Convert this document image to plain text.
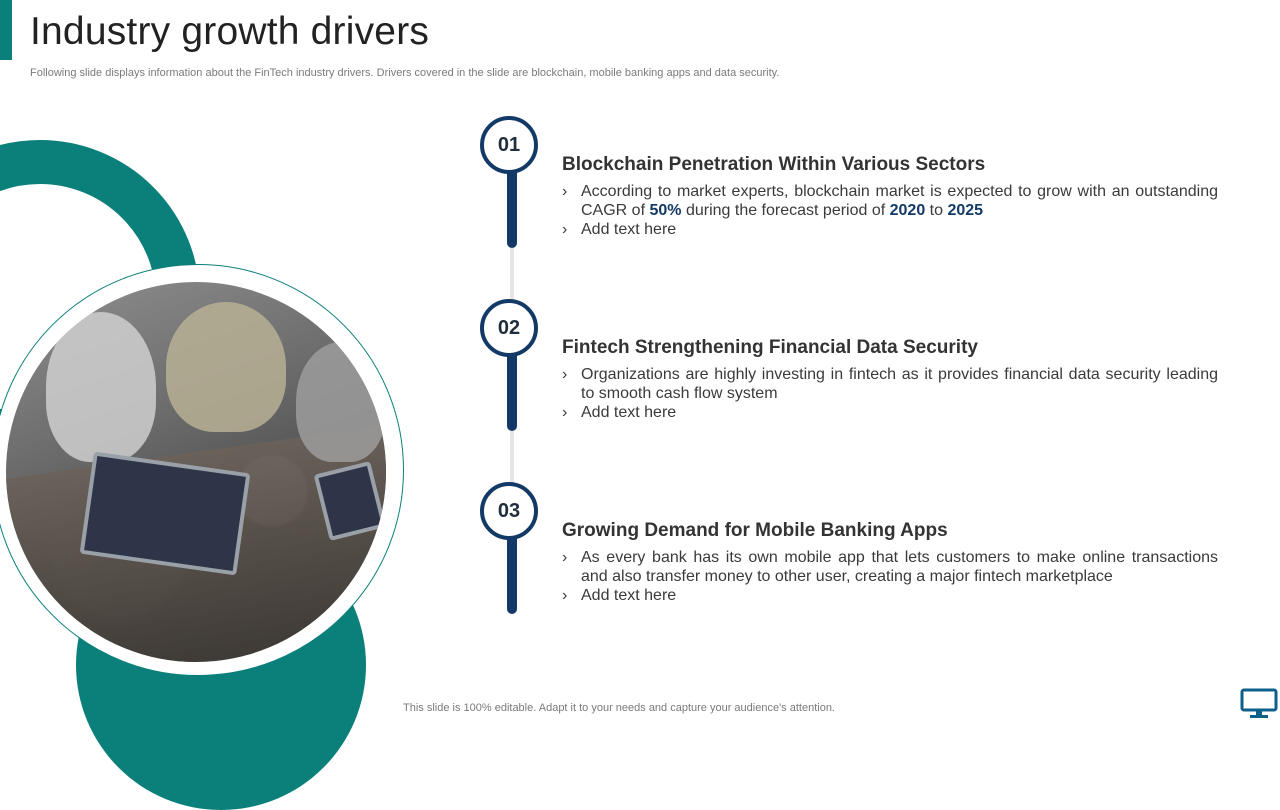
Industry growth drivers
Following slide displays information about the FinTech industry drivers. Drivers covered in the slide are blockchain, mobile banking apps and data security.
01
Blockchain Penetration Within Various Sectors
› According to market experts, blockchain market is expected to grow with an outstanding CAGR of 50% during the forecast period of 2020 to 2025
› Add text here
02
Fintech Strengthening Financial Data Security
› Organizations are highly investing in fintech as it provides financial data security leading to smooth cash flow system
› Add text here
03
Growing Demand for Mobile Banking Apps
› As every bank has its own mobile app that lets customers to make online transactions and also transfer money to other user, creating a major fintech marketplace
› Add text here
This slide is 100% editable. Adapt it to your needs and capture your audience's attention.
